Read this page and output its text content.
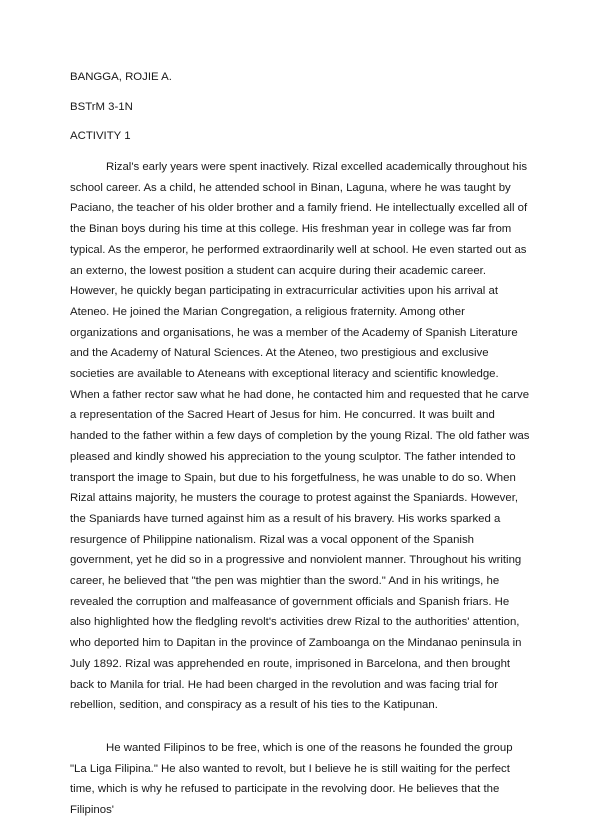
BANGGA, ROJIE A.

BSTrM 3-1N

ACTIVITY 1

Rizal's early years were spent inactively. Rizal excelled academically throughout his school career. As a child, he attended school in Binan, Laguna, where he was taught by Paciano, the teacher of his older brother and a family friend. He intellectually excelled all of the Binan boys during his time at this college. His freshman year in college was far from typical. As the emperor, he performed extraordinarily well at school. He even started out as an externo, the lowest position a student can acquire during their academic career. However, he quickly began participating in extracurricular activities upon his arrival at Ateneo. He joined the Marian Congregation, a religious fraternity. Among other organizations and organisations, he was a member of the Academy of Spanish Literature and the Academy of Natural Sciences. At the Ateneo, two prestigious and exclusive societies are available to Ateneans with exceptional literacy and scientific knowledge. When a father rector saw what he had done, he contacted him and requested that he carve a representation of the Sacred Heart of Jesus for him. He concurred. It was built and handed to the father within a few days of completion by the young Rizal. The old father was pleased and kindly showed his appreciation to the young sculptor. The father intended to transport the image to Spain, but due to his forgetfulness, he was unable to do so. When Rizal attains majority, he musters the courage to protest against the Spaniards. However, the Spaniards have turned against him as a result of his bravery. His works sparked a resurgence of Philippine nationalism. Rizal was a vocal opponent of the Spanish government, yet he did so in a progressive and nonviolent manner. Throughout his writing career, he believed that "the pen was mightier than the sword." And in his writings, he revealed the corruption and malfeasance of government officials and Spanish friars. He also highlighted how the fledgling revolt's activities drew Rizal to the authorities' attention, who deported him to Dapitan in the province of Zamboanga on the Mindanao peninsula in July 1892. Rizal was apprehended en route, imprisoned in Barcelona, and then brought back to Manila for trial. He had been charged in the revolution and was facing trial for rebellion, sedition, and conspiracy as a result of his ties to the Katipunan.

He wanted Filipinos to be free, which is one of the reasons he founded the group "La Liga Filipina." He also wanted to revolt, but I believe he is still waiting for the perfect time, which is why he refused to participate in the revolving door. He believes that the Filipinos'
